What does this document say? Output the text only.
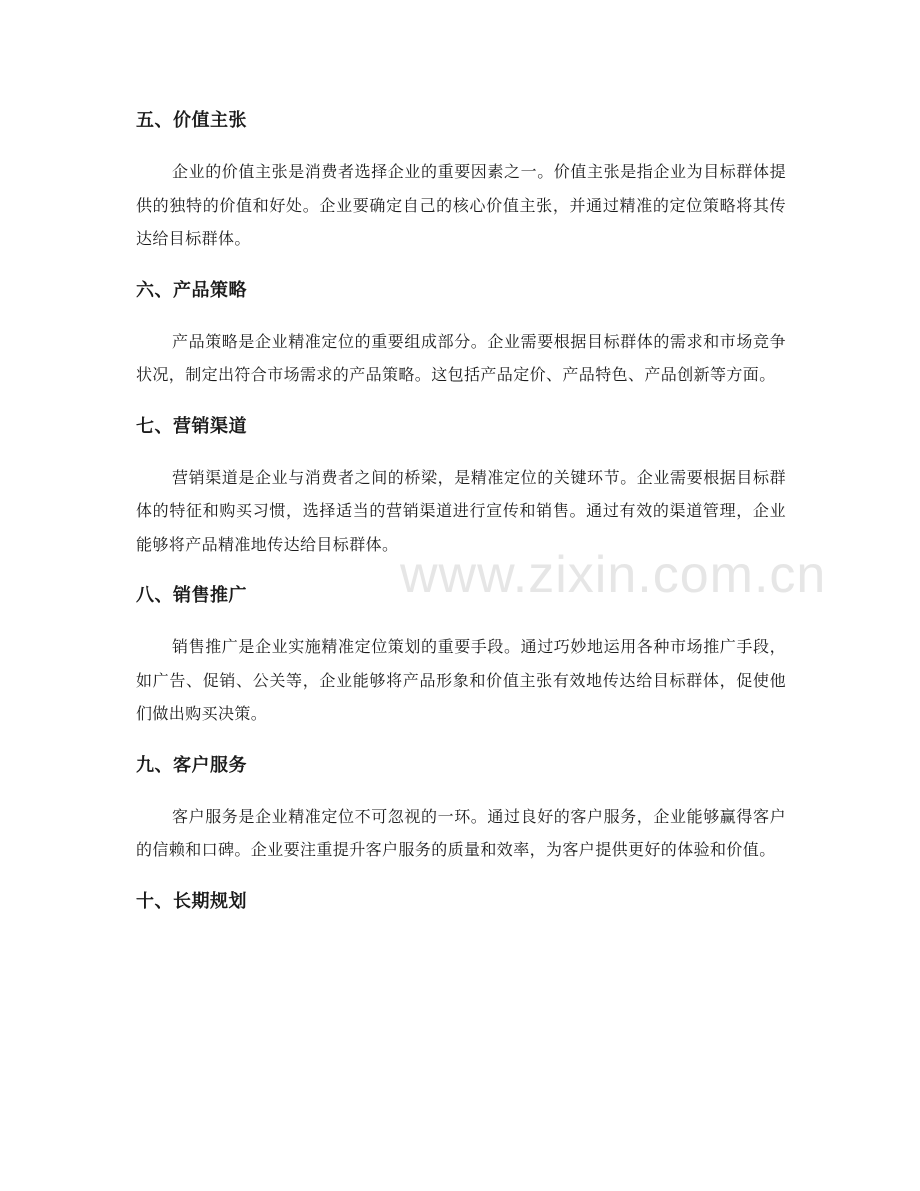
五、价值主张

企业的价值主张是消费者选择企业的重要因素之一。价值主张是指企业为目标群体提供的独特的价值和好处。企业要确定自己的核心价值主张，并通过精准的定位策略将其传达给目标群体。

六、产品策略

产品策略是企业精准定位的重要组成部分。企业需要根据目标群体的需求和市场竞争状况，制定出符合市场需求的产品策略。这包括产品定价、产品特色、产品创新等方面。

七、营销渠道

营销渠道是企业与消费者之间的桥梁，是精准定位的关键环节。企业需要根据目标群体的特征和购买习惯，选择适当的营销渠道进行宣传和销售。通过有效的渠道管理，企业能够将产品精准地传达给目标群体。

八、销售推广

销售推广是企业实施精准定位策划的重要手段。通过巧妙地运用各种市场推广手段，如广告、促销、公关等，企业能够将产品形象和价值主张有效地传达给目标群体，促使他们做出购买决策。

九、客户服务

客户服务是企业精准定位不可忽视的一环。通过良好的客户服务，企业能够赢得客户的信赖和口碑。企业要注重提升客户服务的质量和效率，为客户提供更好的体验和价值。

十、长期规划
www.zixin.com.cn
